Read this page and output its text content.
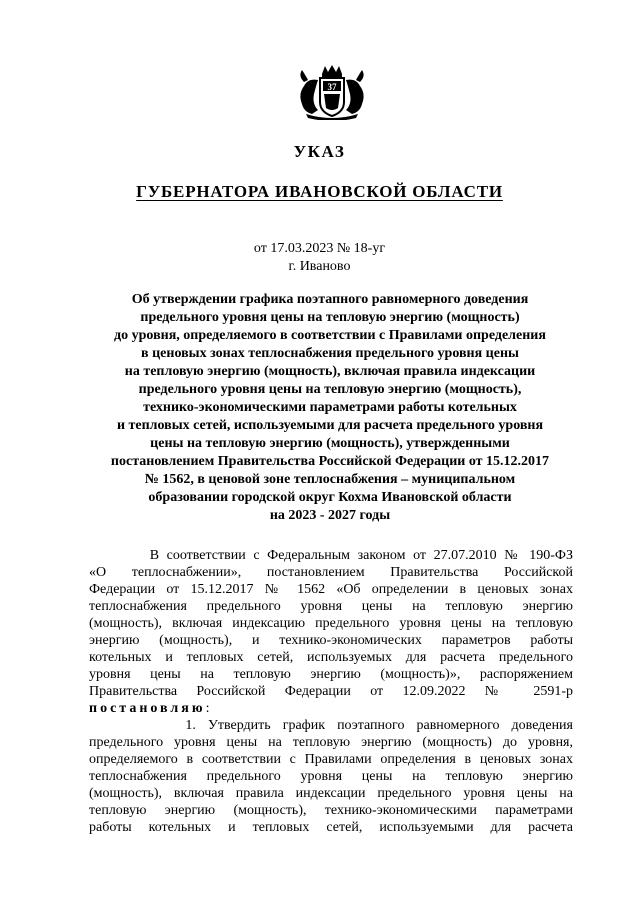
37
УКАЗ
ГУБЕРНАТОРА ИВАНОВСКОЙ ОБЛАСТИ
от 17.03.2023 № 18-уг
г. Иваново
Об утверждении графика поэтапного равномерного доведения
предельного уровня цены на тепловую энергию (мощность)
до уровня, определяемого в соответствии с Правилами определения
в ценовых зонах теплоснабжения предельного уровня цены
на тепловую энергию (мощность), включая правила индексации
предельного уровня цены на тепловую энергию (мощность),
технико-экономическими параметрами работы котельных
и тепловых сетей, используемыми для расчета предельного уровня
цены на тепловую энергию (мощность), утвержденными
постановлением Правительства Российской Федерации от 15.12.2017
№ 1562, в ценовой зоне теплоснабжения – муниципальном
образовании городской округ Кохма Ивановской области
на 2023 - 2027 годы
В соответствии с Федеральным законом от 27.07.2010 № 190-ФЗ
«О теплоснабжении», постановлением Правительства Российской
Федерации от 15.12.2017 № 1562 «Об определении в ценовых зонах
теплоснабжения предельного уровня цены на тепловую энергию
(мощность), включая индексацию предельного уровня цены на тепловую
энергию (мощность), и технико-экономических параметров работы
котельных и тепловых сетей, используемых для расчета предельного
уровня цены на тепловую энергию (мощность)», распоряжением
Правительства Российской Федерации от 12.09.2022 № 2591-р
постановляю:
1. Утвердить график поэтапного равномерного доведения
предельного уровня цены на тепловую энергию (мощность) до уровня,
определяемого в соответствии с Правилами определения в ценовых зонах
теплоснабжения предельного уровня цены на тепловую энергию
(мощность), включая правила индексации предельного уровня цены на
тепловую энергию (мощность), технико-экономическими параметрами
работы котельных и тепловых сетей, используемыми для расчета
